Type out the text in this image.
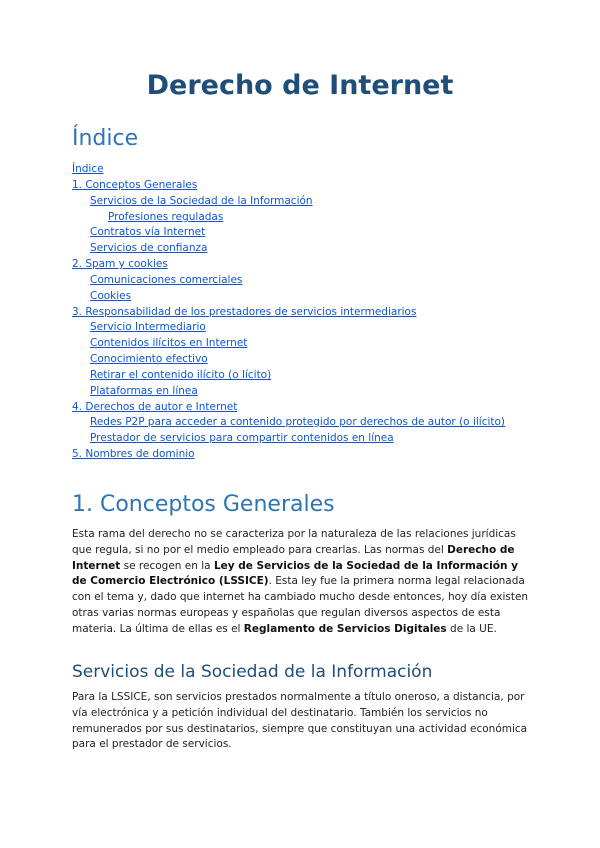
Derecho de Internet
Índice
Índice
1. Conceptos Generales
Servicios de la Sociedad de la Información
Profesiones reguladas
Contratos vía Internet
Servicios de confianza
2. Spam y cookies
Comunicaciones comerciales
Cookies
3. Responsabilidad de los prestadores de servicios intermediarios
Servicio Intermediario
Contenidos ilícitos en Internet
Conocimiento efectivo
Retirar el contenido ilícito (o lícito)
Plataformas en línea
4. Derechos de autor e Internet
Redes P2P para acceder a contenido protegido por derechos de autor (o ilícito)
Prestador de servicios para compartir contenidos en línea
5. Nombres de dominio
1. Conceptos Generales

Esta rama del derecho no se caracteriza por la naturaleza de las relaciones jurídicas que regula, si no por el medio empleado para crearlas. Las normas del Derecho de Internet se recogen en la Ley de Servicios de la Sociedad de la Información y de Comercio Electrónico (LSSICE). Esta ley fue la primera norma legal relacionada con el tema y, dado que internet ha cambiado mucho desde entonces, hoy día existen otras varias normas europeas y españolas que regulan diversos aspectos de esta materia. La última de ellas es el Reglamento de Servicios Digitales de la UE.

Servicios de la Sociedad de la Información

Para la LSSICE, son servicios prestados normalmente a título oneroso, a distancia, por vía electrónica y a petición individual del destinatario. También los servicios no remunerados por sus destinatarios, siempre que constituyan una actividad económica para el prestador de servicios.
